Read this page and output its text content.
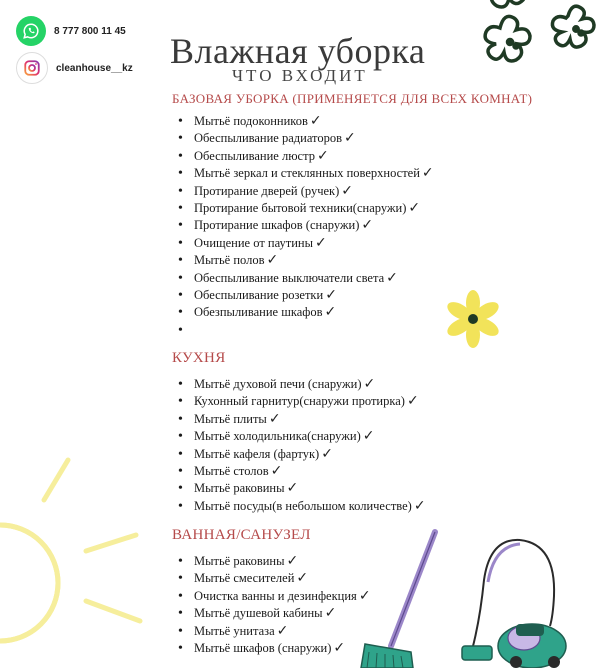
8 777 800 11 45
cleanhouse__kz Влажная уборка
ЧТО ВХОДИТ
БАЗОВАЯ УБОРКА (ПРИМЕНЯЕТСЯ ДЛЯ ВСЕХ КОМНАТ)
• Мытьё подоконников ✓
• Обеспыливание радиаторов ✓
• Обеспыливание люстр ✓
• Мытьё зеркал и стеклянных поверхностей ✓
• Протирание дверей (ручек) ✓
• Протирание бытовой техники(снаружи) ✓
• Протирание шкафов (снаружи) ✓
• Очищение от паутины ✓
• Мытьё полов ✓
• Обеспыливание выключатели света ✓
• Обеспыливание розетки ✓
• Обезпыливание шкафов ✓
•
КУХНЯ
• Мытьё духовой печи (снаружи) ✓
• Кухонный гарнитур(снаружи протирка) ✓
• Мытьё плиты ✓
• Мытьё холодильника(снаружи) ✓
• Мытьё кафеля (фартук) ✓
• Мытьё столов ✓
• Мытьё раковины ✓
• Мытьё посуды(в небольшом количестве) ✓
ВАННАЯ/САНУЗЕЛ
• Мытьё раковины ✓
• Мытьё смесителей ✓
• Очистка ванны и дезинфекция ✓
• Мытьё душевой кабины ✓
• Мытьё унитаза ✓
• Мытьё шкафов (снаружи) ✓
